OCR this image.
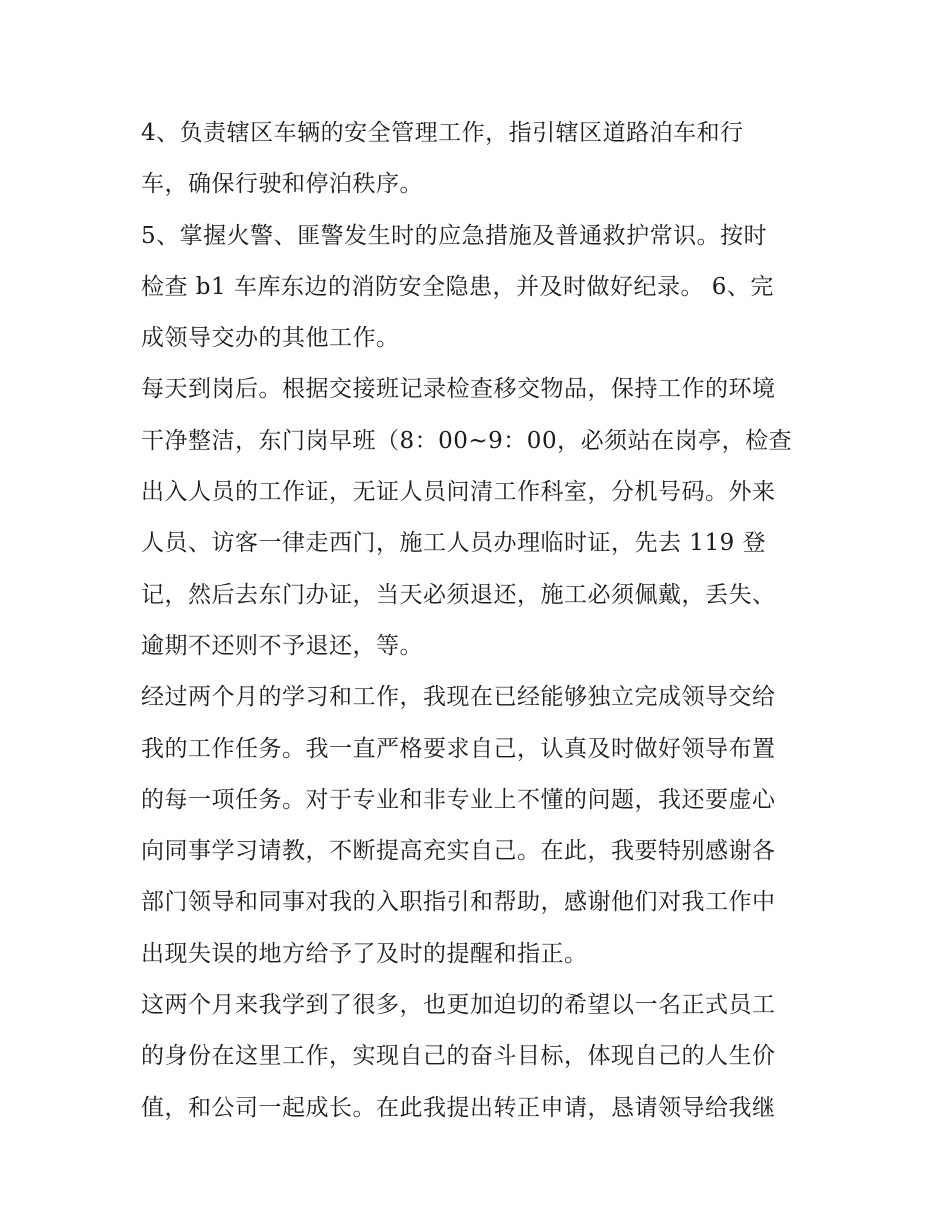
4、负责辖区车辆的安全管理工作，指引辖区道路泊车和行
车，确保行驶和停泊秩序。
5、掌握火警、匪警发生时的应急措施及普通救护常识。按时
检查 b1 车库东边的消防安全隐患，并及时做好纪录。 6、完
成领导交办的其他工作。
每天到岗后。根据交接班记录检查移交物品，保持工作的环境
干净整洁，东门岗早班（8：00~9：00，必须站在岗亭，检查
出入人员的工作证，无证人员问清工作科室，分机号码。外来
人员、访客一律走西门，施工人员办理临时证，先去 119 登
记，然后去东门办证，当天必须退还，施工必须佩戴，丢失、
逾期不还则不予退还，等。
经过两个月的学习和工作，我现在已经能够独立完成领导交给
我的工作任务。我一直严格要求自己，认真及时做好领导布置
的每一项任务。对于专业和非专业上不懂的问题，我还要虚心
向同事学习请教，不断提高充实自己。在此，我要特别感谢各
部门领导和同事对我的入职指引和帮助，感谢他们对我工作中
出现失误的地方给予了及时的提醒和指正。
这两个月来我学到了很多，也更加迫切的希望以一名正式员工
的身份在这里工作，实现自己的奋斗目标，体现自己的人生价
值，和公司一起成长。在此我提出转正申请，恳请领导给我继
